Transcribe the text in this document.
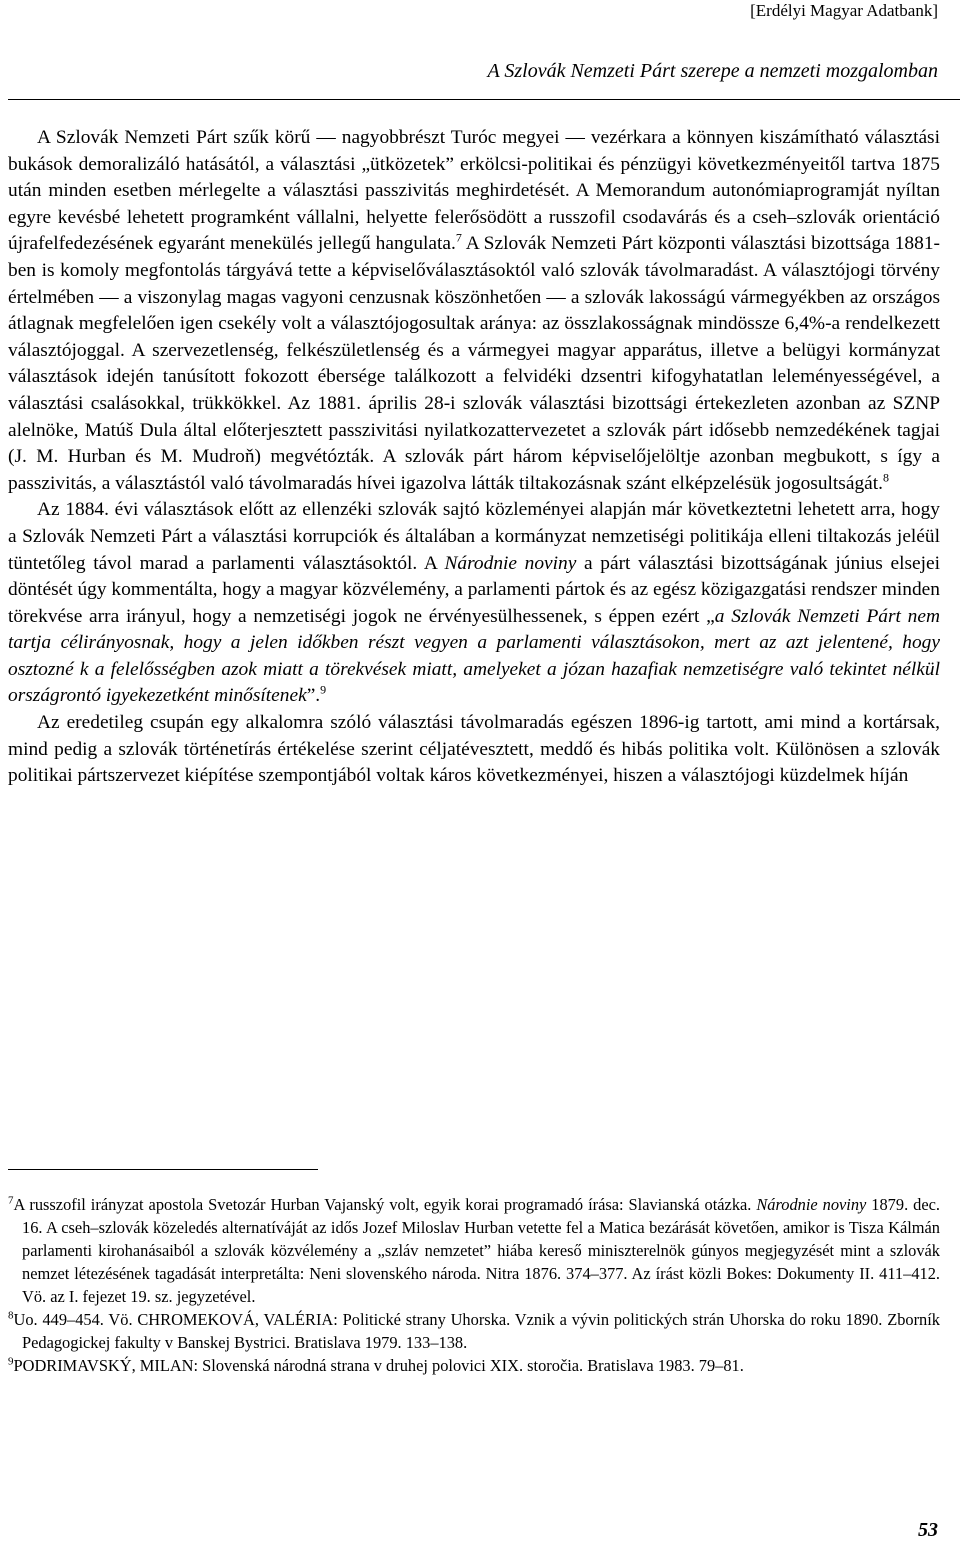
[Erdélyi Magyar Adatbank]
A Szlovák Nemzeti Párt szerepe a nemzeti mozgalomban

A Szlovák Nemzeti Párt szűk körű — nagyobbrészt Turóc megyei — vezérkara a könnyen kiszámítható választási bukások demoralizáló hatásától, a választási „ütközetek” erkölcsi-politikai és pénzügyi következményeitől tartva 1875 után minden esetben mérlegelte a választási passzivitás meghirdetését. A Memorandum autonómiaprogramját nyíltan egyre kevésbé lehetett programként vállalni, helyette felerősödött a russzofil csodavárás és a cseh–szlovák orientáció újrafelfedezésének egyaránt menekülés jellegű hangulata.$^7$ A Szlovák Nemzeti Párt központi választási bizottsága 1881-ben is komoly megfontolás tárgyává tette a képviselőválasztásoktól való szlovák távolmaradást. A választójogi törvény értelmében — a viszonylag magas vagyoni cenzusnak köszönhetően — a szlovák lakosságú vármegyékben az országos átlagnak megfelelően igen csekély volt a választójogosultak aránya: az összlakosságnak mindössze 6,4%-a rendelkezett választójoggal. A szervezetlenség, felkészületlenség és a vármegyei magyar apparátus, illetve a belügyi kormányzat választások idején tanúsított fokozott ébersége találkozott a felvidéki dzsentri kifogyhatatlan leleményességével, a választási csalásokkal, trükkökkel. Az 1881. április 28-i szlovák választási bizottsági értekezleten azonban az SZNP alelnöke, Matúš Dula által előterjesztett passzivitási nyilatkozattervezetet a szlovák párt idősebb nemzedékének tagjai (J. M. Hurban és M. Mudroň) megvétózták. A szlovák párt három képviselőjelöltje azonban megbukott, s így a passzivitás, a választástól való távolmaradás hívei igazolva látták tiltakozásnak szánt elképzelésük jogosultságát.$^8$

Az 1884. évi választások előtt az ellenzéki szlovák sajtó közleményei alapján már következtetni lehetett arra, hogy a Szlovák Nemzeti Párt a választási korrupciók és általában a kormányzat nemzetiségi politikája elleni tiltakozás jeléül tüntetőleg távol marad a parlamenti választásoktól. A Národnie noviny a párt választási bizottságának június elsejei döntését úgy kommentálta, hogy a magyar közvélemény, a parlamenti pártok és az egész közigazgatási rendszer minden törekvése arra irányul, hogy a nemzetiségi jogok ne érvényesülhessenek, s éppen ezért „a Szlovák Nemzeti Párt nem tartja célirányosnak, hogy a jelen időkben részt vegyen a parlamenti választásokon, mert az azt jelentené, hogy osztozné k a felelősségben azok miatt a törekvések miatt, amelyeket a józan hazafiak nemzetiségre való tekintet nélkül országrontó igyekezetként minősítenek”.$^9$

Az eredetileg csupán egy alkalomra szóló választási távolmaradás egészen 1896-ig tartott, ami mind a kortársak, mind pedig a szlovák történetírás értékelése szerint céljatévesztett, meddő és hibás politika volt. Különösen a szlovák politikai pártszervezet kiépítése szempontjából voltak káros következményei, hiszen a választójogi küzdelmek híján

$^7$A russzofil irányzat apostola Svetozár Hurban Vajanský volt, egyik korai programadó írása: Slavianská otázka. Národnie noviny 1879. dec. 16. A cseh–szlovák közeledés alternatíváját az idős Jozef Miloslav Hurban vetette fel a Matica bezárását követően, amikor is Tisza Kálmán parlamenti kirohanásaiból a szlovák közvélemény a „szláv nemzetet” hiába kereső miniszterelnök gúnyos megjegyzését mint a szlovák nemzet létezésének tagadását interpretálta: Neni slovenského národa. Nitra 1876. 374–377. Az írást közli Bokes: Dokumenty II. 411–412. Vö. az I. fejezet 19. sz. jegyzetével.

$^8$Uo. 449–454. Vö. CHROMEKOVÁ, VALÉRIA: Politické strany Uhorska. Vznik a vývin politických strán Uhorska do roku 1890. Zborník Pedagogickej fakulty v Banskej Bystrici. Bratislava 1979. 133–138.

$^9$PODRIMAVSKÝ, MILAN: Slovenská národná strana v druhej polovici XIX. storočia. Bratislava 1983. 79–81.

53
